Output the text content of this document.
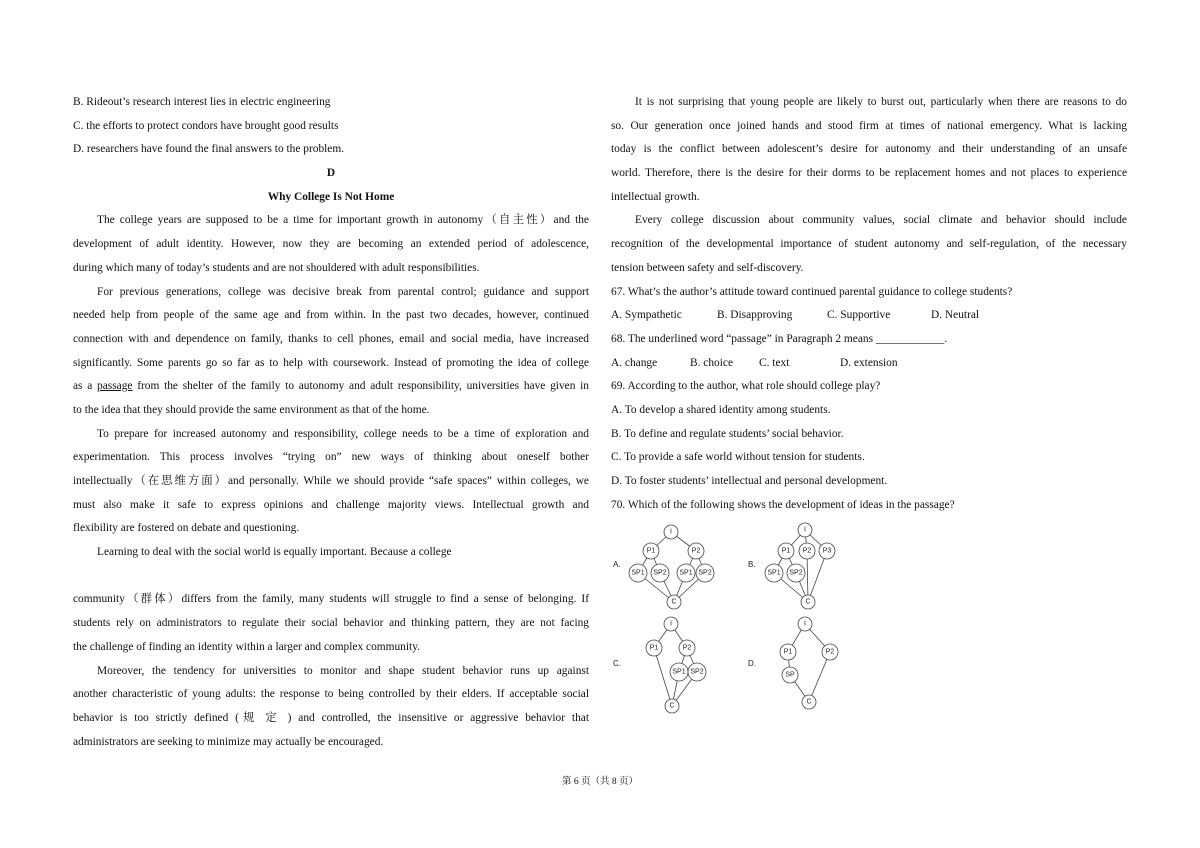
B. Rideout’s research interest lies in electric engineering
C. the efforts to protect condors have brought good results
D. researchers have found the final answers to the problem.
D
Why College Is Not Home
The college years are supposed to be a time for important growth in autonomy（自主性）and the
development of adult identity. However, now they are becoming an extended period of adolescence,
during which many of today’s students and are not shouldered with adult responsibilities.
For previous generations, college was decisive break from parental control; guidance and support
needed help from people of the same age and from within. In the past two decades, however, continued
connection with and dependence on family, thanks to cell phones, email and social media, have increased
significantly. Some parents go so far as to help with coursework. Instead of promoting the idea of college
as a passage from the shelter of the family to autonomy and adult responsibility, universities have given in
to the idea that they should provide the same environment as that of the home.
To prepare for increased autonomy and responsibility, college needs to be a time of exploration and
experimentation. This process involves “trying on” new ways of thinking about oneself bother
intellectually（在思维方面）and personally. While we should provide “safe spaces” within colleges, we
must also make it safe to express opinions and challenge majority views. Intellectual growth and
flexibility are fostered on debate and questioning.
Learning to deal with the social world is equally important. Because a college
community（群体）differs from the family, many students will struggle to find a sense of belonging. If
students rely on administrators to regulate their social behavior and thinking pattern, they are not facing
the challenge of finding an identity within a larger and complex community.
Moreover, the tendency for universities to monitor and shape student behavior runs up against
another characteristic of young adults: the response to being controlled by their elders. If acceptable social
behavior is too strictly defined (规 定 ) and controlled, the insensitive or aggressive behavior that
administrators are seeking to minimize may actually be encouraged.
It is not surprising that young people are likely to burst out, particularly when there are reasons to do
so. Our generation once joined hands and stood firm at times of national emergency. What is lacking
today is the conflict between adolescent’s desire for autonomy and their understanding of an unsafe
world. Therefore, there is the desire for their dorms to be replacement homes and not places to experience
intellectual growth.
Every college discussion about community values, social climate and behavior should include
recognition of the developmental importance of student autonomy and self-regulation, of the necessary
tension between safety and self-discovery.
67. What’s the author’s attitude toward continued parental guidance to college students?
A. Sympathetic	B. Disapproving	C. Supportive	D. Neutral
68. The underlined word “passage” in Paragraph 2 means ____________.
A. change	B. choice	C. text	D. extension
69. According to the author, what role should college play?
A. To develop a shared identity among students.
B. To define and regulate students’ social behavior.
C. To provide a safe world without tension for students.
D. To foster students’ intellectual and personal development.
70. Which of the following shows the development of ideas in the passage?
I
P1	P2
SP1 SP2 SP1 SP2
C
I
P1 P2 P3
SP1 SP2
C
I
P1	P2
SP1 SP2
C
I
P1	P2
SP
C
A.	B.
C.	D.
第 6 页（共 8 页）
